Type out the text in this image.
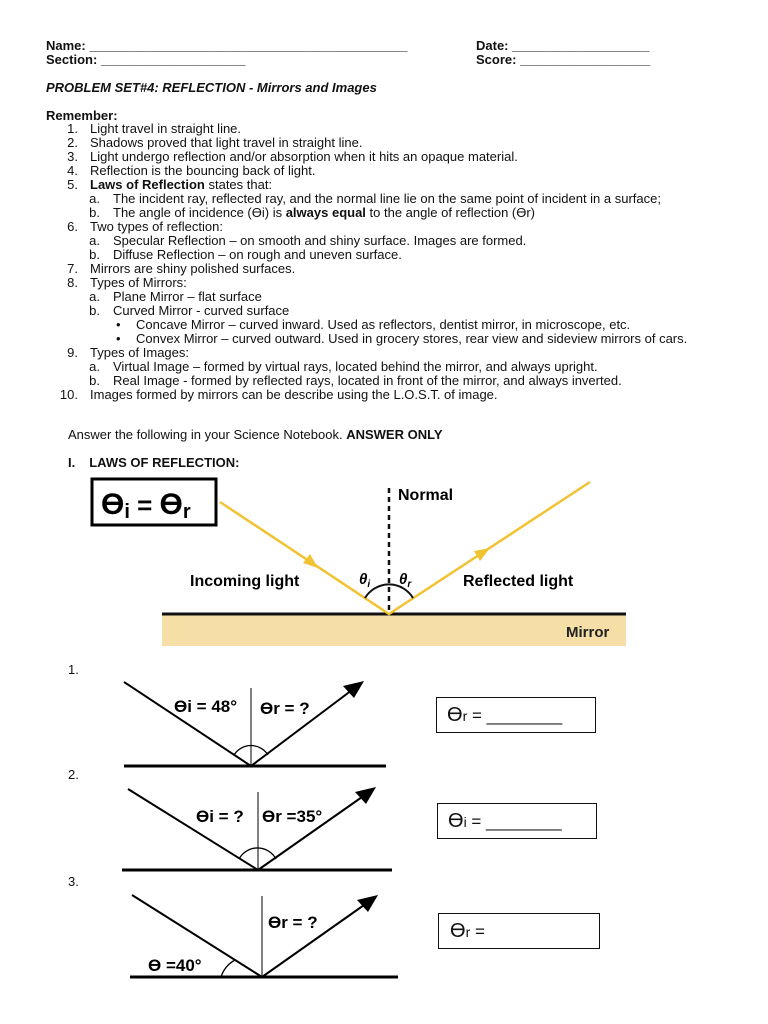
Name: ____________________________________________	Date: ___________________
Section: ____________________	Score: __________________
PROBLEM SET#4: REFLECTION - Mirrors and Images
Remember:
1. Light travel in straight line.
2. Shadows proved that light travel in straight line.
3. Light undergo reflection and/or absorption when it hits an opaque material.
4. Reflection is the bouncing back of light.
5. Laws of Reflection states that:
a. The incident ray, reflected ray, and the normal line lie on the same point of incident in a surface;
b. The angle of incidence (ϴi) is always equal to the angle of reflection (ϴr)
6. Two types of reflection:
a. Specular Reflection – on smooth and shiny surface. Images are formed.
b. Diffuse Reflection – on rough and uneven surface.
7. Mirrors are shiny polished surfaces.
8. Types of Mirrors:
a. Plane Mirror – flat surface
b. Curved Mirror - curved surface
• Concave Mirror – curved inward. Used as reflectors, dentist mirror, in microscope, etc.
• Convex Mirror – curved outward. Used in grocery stores, rear view and sideview mirrors of cars.
9. Types of Images:
a. Virtual Image – formed by virtual rays, located behind the mirror, and always upright.
b. Real Image - formed by reflected rays, located in front of the mirror, and always inverted.
10. Images formed by mirrors can be describe using the L.O.S.T. of image.
Answer the following in your Science Notebook. ANSWER ONLY
I. LAWS OF REFLECTION:
ϴi = ϴr
Mirror
Normal
Incoming light	Reflected light
$\theta_i$ $\theta_r$
1.
ϴi = 48° ϴr = ?	ϴr = ________
2.
ϴi = ? ϴr =35°	ϴi = ________
3.
ϴ =40°
ϴr = ?	ϴr =
